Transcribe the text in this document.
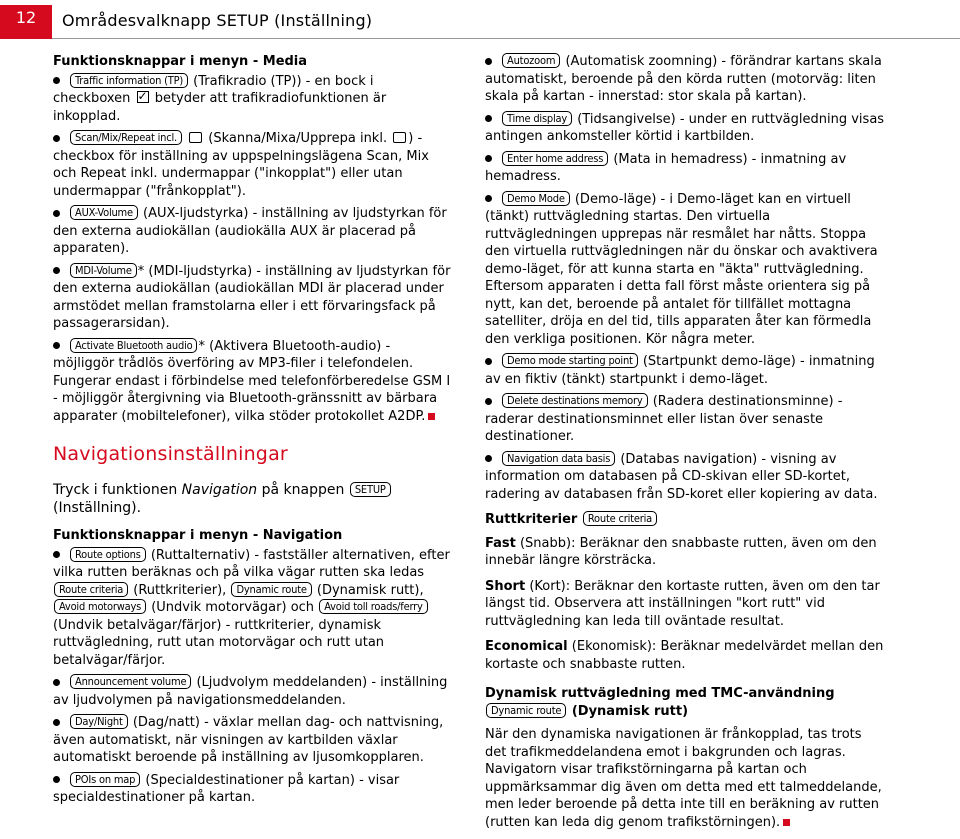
12	Områdesvalknapp SETUP (Inställning)
Funktionsknappar i menyn - Media
Traffic information (TP) (Trafikradio (TP)) - en bock i checkboxen ✓ betyder att trafikradiofunktionen är inkopplad.
Scan/Mix/Repeat incl. (Skanna/Mixa/Upprepa inkl. ) - checkbox för inställning av uppspelningslägena Scan, Mix och Repeat inkl. undermappar ("inkopplat") eller utan undermappar ("frånkopplat").
AUX-Volume (AUX-ljudstyrka) - inställning av ljudstyrkan för den externa audiokällan (audiokälla AUX är placerad på apparaten).
MDI-Volume * (MDI-ljudstyrka) - inställning av ljudstyrkan för den externa audiokällan (audiokällan MDI är placerad under armstödet mellan framstolarna eller i ett förvaringsfack på passagerarsidan).
Activate Bluetooth audio * (Aktivera Bluetooth-audio) - möjliggör trådlös överföring av MP3-filer i telefondelen. Fungerar endast i förbindelse med telefonförberedelse GSM I - möjliggör återgivning via Bluetooth-gränssnitt av bärbara apparater (mobiltelefoner), vilka stöder protokollet A2DP.
Navigationsinställningar
Tryck i funktionen Navigation på knappen SETUP (Inställning).
Funktionsknappar i menyn - Navigation
Route options (Ruttalternativ) - fastställer alternativen, efter vilka rutten beräknas och på vilka vägar rutten ska ledas Route criteria (Ruttkriterier), Dynamic route (Dynamisk rutt), Avoid motorways (Undvik motorvägar) och Avoid toll roads/ferry (Undvik betalvägar/färjor) - ruttkriterier, dynamisk ruttvägledning, rutt utan motorvägar och rutt utan betalvägar/färjor.
Announcement volume (Ljudvolym meddelanden) - inställning av ljudvolymen på navigationsmeddelanden.
Day/Night (Dag/natt) - växlar mellan dag- och nattvisning, även automatiskt, när visningen av kartbilden växlar automatiskt beroende på inställning av ljusomkopplaren.
POIs on map (Specialdestinationer på kartan) - visar specialdestinationer på kartan.
Autozoom (Automatisk zoomning) - förändrar kartans skala automatiskt, beroende på den körda rutten (motorväg: liten skala på kartan - innerstad: stor skala på kartan).
Time display (Tidsangivelse) - under en ruttvägledning visas antingen ankomsteller körtid i kartbilden.
Enter home address (Mata in hemadress) - inmatning av hemadress.
Demo Mode (Demo-läge) - i Demo-läget kan en virtuell (tänkt) ruttvägledning startas. Den virtuella ruttvägledningen upprepas när resmålet har nåtts. Stoppa den virtuella ruttvägledningen när du önskar och avaktivera demo-läget, för att kunna starta en "äkta" ruttvägledning. Eftersom apparaten i detta fall först måste orientera sig på nytt, kan det, beroende på antalet för tillfället mottagna satelliter, dröja en del tid, tills apparaten åter kan förmedla den verkliga positionen. Kör några meter.
Demo mode starting point (Startpunkt demo-läge) - inmatning av en fiktiv (tänkt) startpunkt i demo-läget.
Delete destinations memory (Radera destinationsminne) - raderar destinationsminnet eller listan över senaste destinationer.
Navigation data basis (Databas navigation) - visning av information om databasen på CD-skivan eller SD-kortet, radering av databasen från SD-koret eller kopiering av data.
Ruttkriterier Route criteria
Fast (Snabb): Beräknar den snabbaste rutten, även om den innebär längre körsträcka.
Short (Kort): Beräknar den kortaste rutten, även om den tar längst tid. Observera att inställningen "kort rutt" vid ruttvägledning kan leda till oväntade resultat.
Economical (Ekonomisk): Beräknar medelvärdet mellan den kortaste och snabbaste rutten.
Dynamisk ruttvägledning med TMC-användning Dynamic route (Dynamisk rutt)
När den dynamiska navigationen är frånkopplad, tas trots det trafikmeddelandena emot i bakgrunden och lagras. Navigatorn visar trafikstörningarna på kartan och uppmärksammar dig även om detta med ett talmeddelande, men leder beroende på detta inte till en beräkning av rutten (rutten kan leda dig genom trafikstörningen).
